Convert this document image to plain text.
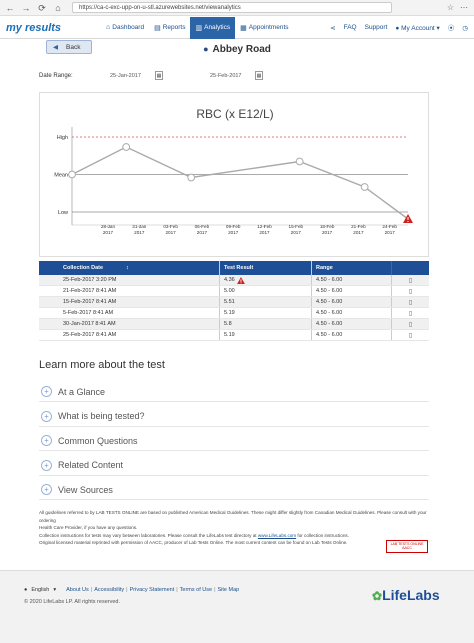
← → ⟳	⌂	https://ca-c-exc-upp-on-u-stl.azurewebsites.net/viewanalytics	☆ ⋯
my results	⌂ Dashboard ▤ Reports ▥ Analytics ▦ Appointments	⋖ FAQ Support ● My Account ▾ ⦿ ◷
◀ Back	● Abbey Road
Date Range:	25-Jan-2017	▦	25-Feb-2017	▦
RBC (x E12/L)
High
Mean
Low
28-Jan
2017
31-Jan
2017
03-Feb
2017
06-Feb
2017
09-Feb
2017
12-Feb
2017
15-Feb
2017
18-Feb
2017
21-Feb
2017
24-Feb
2017
Collection Date	↕	Test Result	Range
25-Feb-2017 3:20 PM	4.36	4.50 - 6.00	▯
21-Feb-2017 8:41 AM	5.00	4.50 - 6.00	▯
15-Feb-2017 8:41 AM	5.51	4.50 - 6.00	▯
5-Feb-2017 8:41 AM	5.19	4.50 - 6.00	▯
30-Jan-2017 8:41 AM	5.8	4.50 - 6.00	▯
25-Feb-2017 8:41 AM	5.19	4.50 - 6.00	▯
Learn more about the test
+	At a Glance
+	What is being tested?
+	Common Questions
+	Related Content
+	View Sources
All guidelines referred to by LAB TESTS ONLINE are based on published American Medical Guidelines. These might differ slightly from Canadian Medical Guidelines. Please consult with your ordering
Health Care Provider, if you have any questions.
Collection instructions for tests may vary between laboratories. Please consult the LifeLabs test directory at www.LifeLabs.com for collection instructions.
Original licensed material reprinted with permission of AACC, producer of Lab Tests Online. The most current content can be found on Lab Tests Online.	LAB TESTS ONLINE
AACC
● English ▾ About Us | Accessibility | Privacy Statement | Terms of Use | Site Map
© 2020 LifeLabs LP. All rights reserved.	✿LifeLabs
